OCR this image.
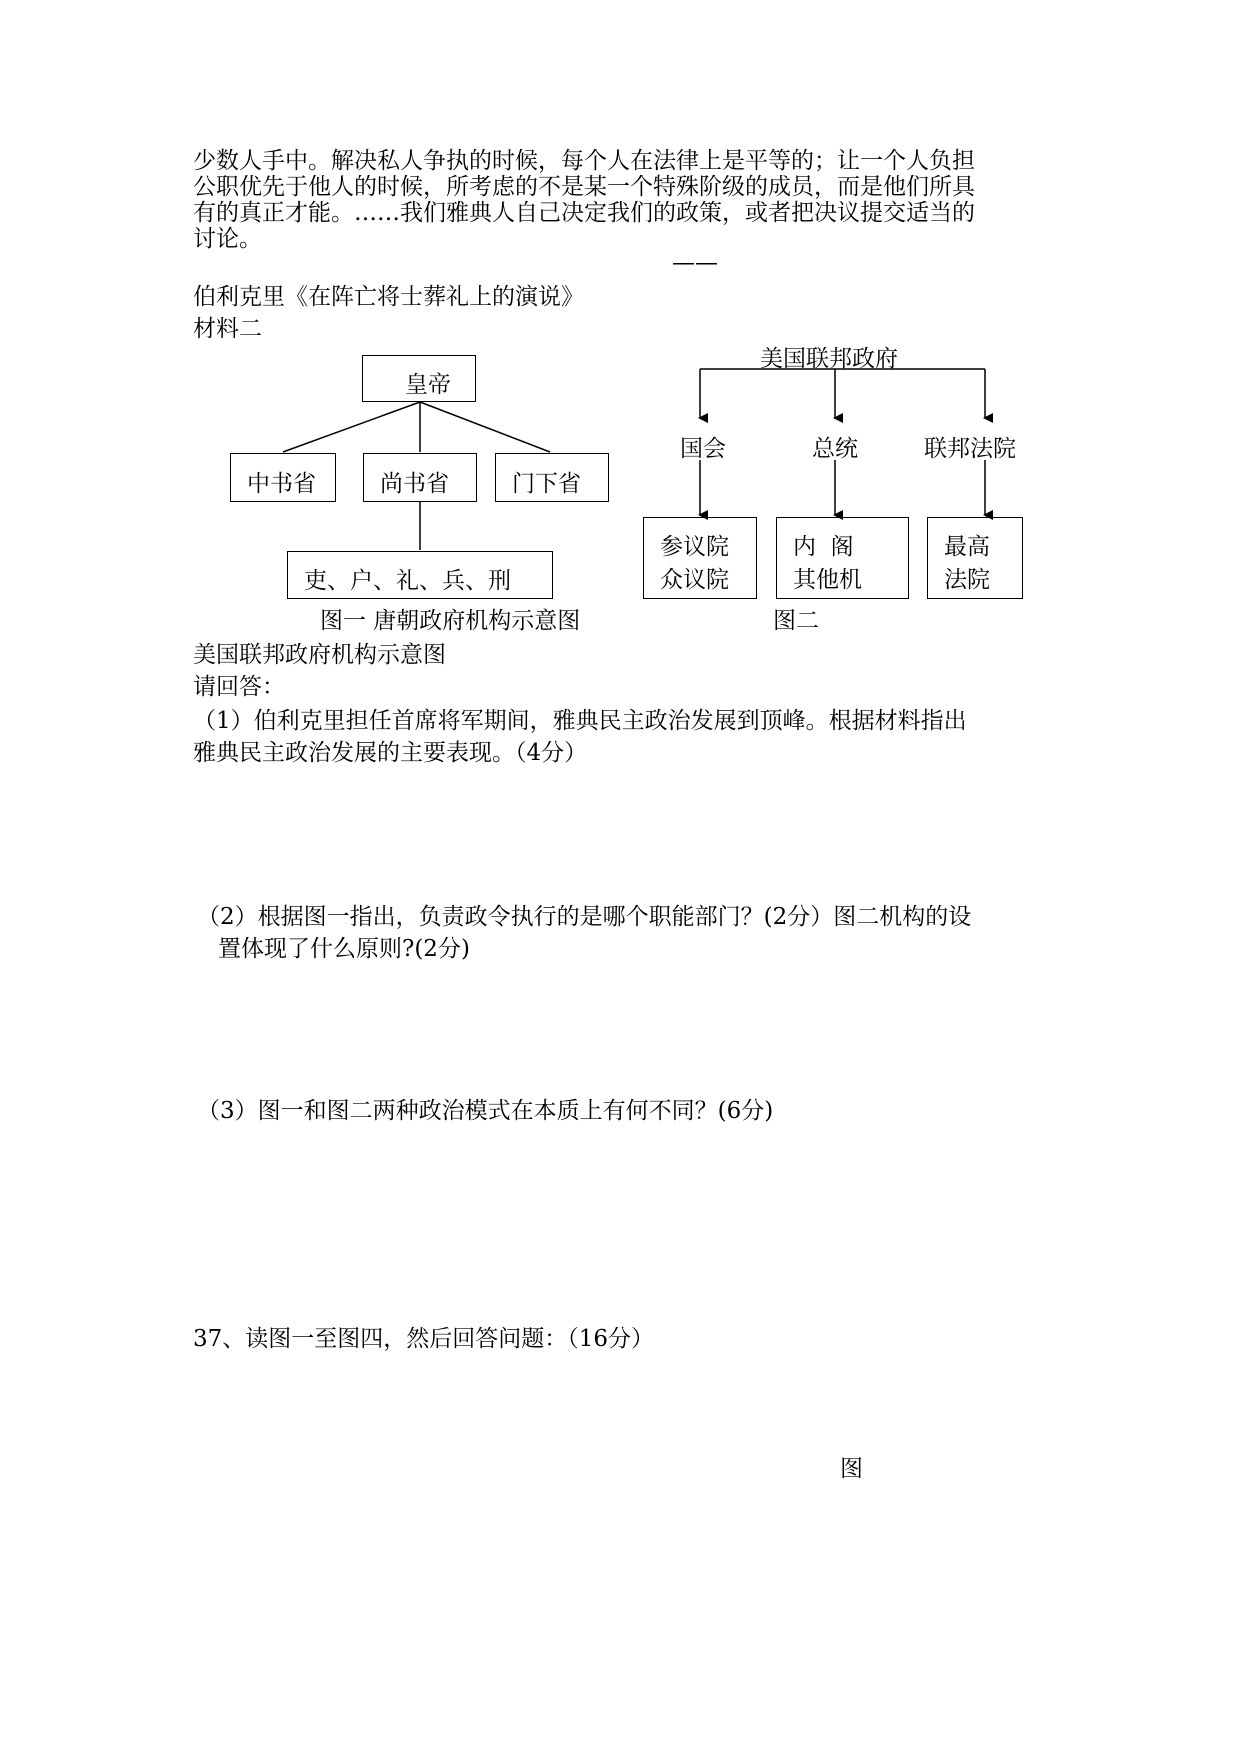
少数人手中。解决私人争执的时候，每个人在法律上是平等的；让一个人负担
公职优先于他人的时候，所考虑的不是某一个特殊阶级的成员，而是他们所具
有的真正才能。……我们雅典人自己决定我们的政策，或者把决议提交适当的
讨论。
——
伯利克里《在阵亡将士葬礼上的演说》
材料二
皇帝
中书省	尚书省	门下省
吏、户、礼、兵、刑
图一 唐朝政府机构示意图
美国联邦政府
国会	总统	联邦法院
参议院
众议院
内  阁
其他机
最高
法院
图二
美国联邦政府机构示意图
请回答：
（1）伯利克里担任首席将军期间，雅典民主政治发展到顶峰。根据材料指出
雅典民主政治发展的主要表现。（4分）
（2）根据图一指出，负责政令执行的是哪个职能部门？(2分）图二机构的设
置体现了什么原则?(2分)
（3）图一和图二两种政治模式在本质上有何不同？(6分)
37、读图一至图四，然后回答问题：（16分）
图
